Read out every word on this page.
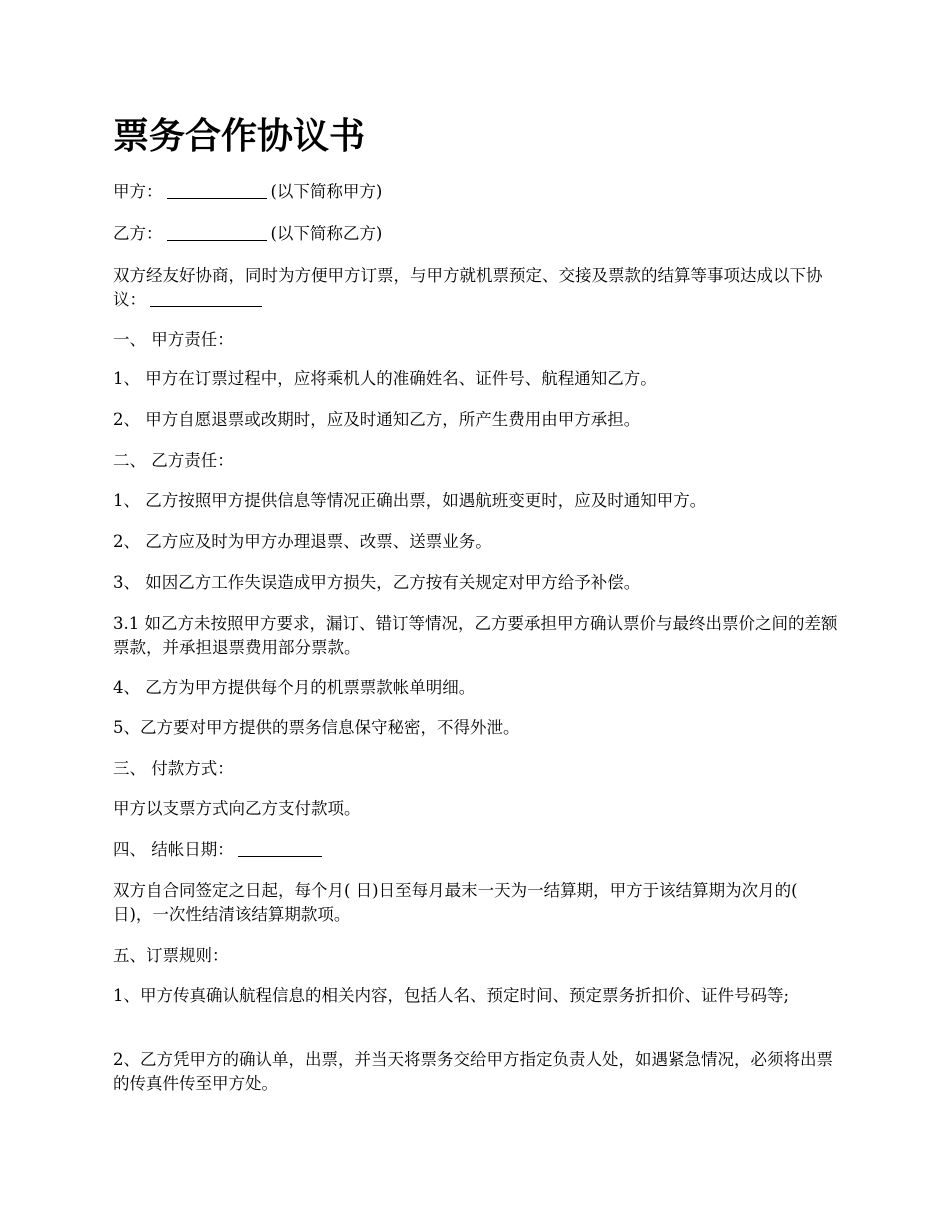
票务合作协议书

甲方：	(以下简称甲方)

乙方：	(以下简称乙方)

双方经友好协商，同时为方便甲方订票，与甲方就机票预定、交接及票款的结算等事项达成以下协议：

一、 甲方责任：

1、 甲方在订票过程中，应将乘机人的准确姓名、证件号、航程通知乙方。

2、 甲方自愿退票或改期时，应及时通知乙方，所产生费用由甲方承担。

二、 乙方责任：

1、 乙方按照甲方提供信息等情况正确出票，如遇航班变更时，应及时通知甲方。

2、 乙方应及时为甲方办理退票、改票、送票业务。

3、 如因乙方工作失误造成甲方损失，乙方按有关规定对甲方给予补偿。

3.1 如乙方未按照甲方要求，漏订、错订等情况，乙方要承担甲方确认票价与最终出票价之间的差额票款，并承担退票费用部分票款。

4、 乙方为甲方提供每个月的机票票款帐单明细。

5、乙方要对甲方提供的票务信息保守秘密，不得外泄。

三、 付款方式：

甲方以支票方式向乙方支付款项。

四、 结帐日期：

双方自合同签定之日起，每个月( 日)日至每月最末一天为一结算期，甲方于该结算期为次月的( 日)，一次性结清该结算期款项。

五、订票规则：

1、甲方传真确认航程信息的相关内容，包括人名、预定时间、预定票务折扣价、证件号码等;

2、乙方凭甲方的确认单，出票，并当天将票务交给甲方指定负责人处，如遇紧急情况，必须将出票的传真件传至甲方处。
